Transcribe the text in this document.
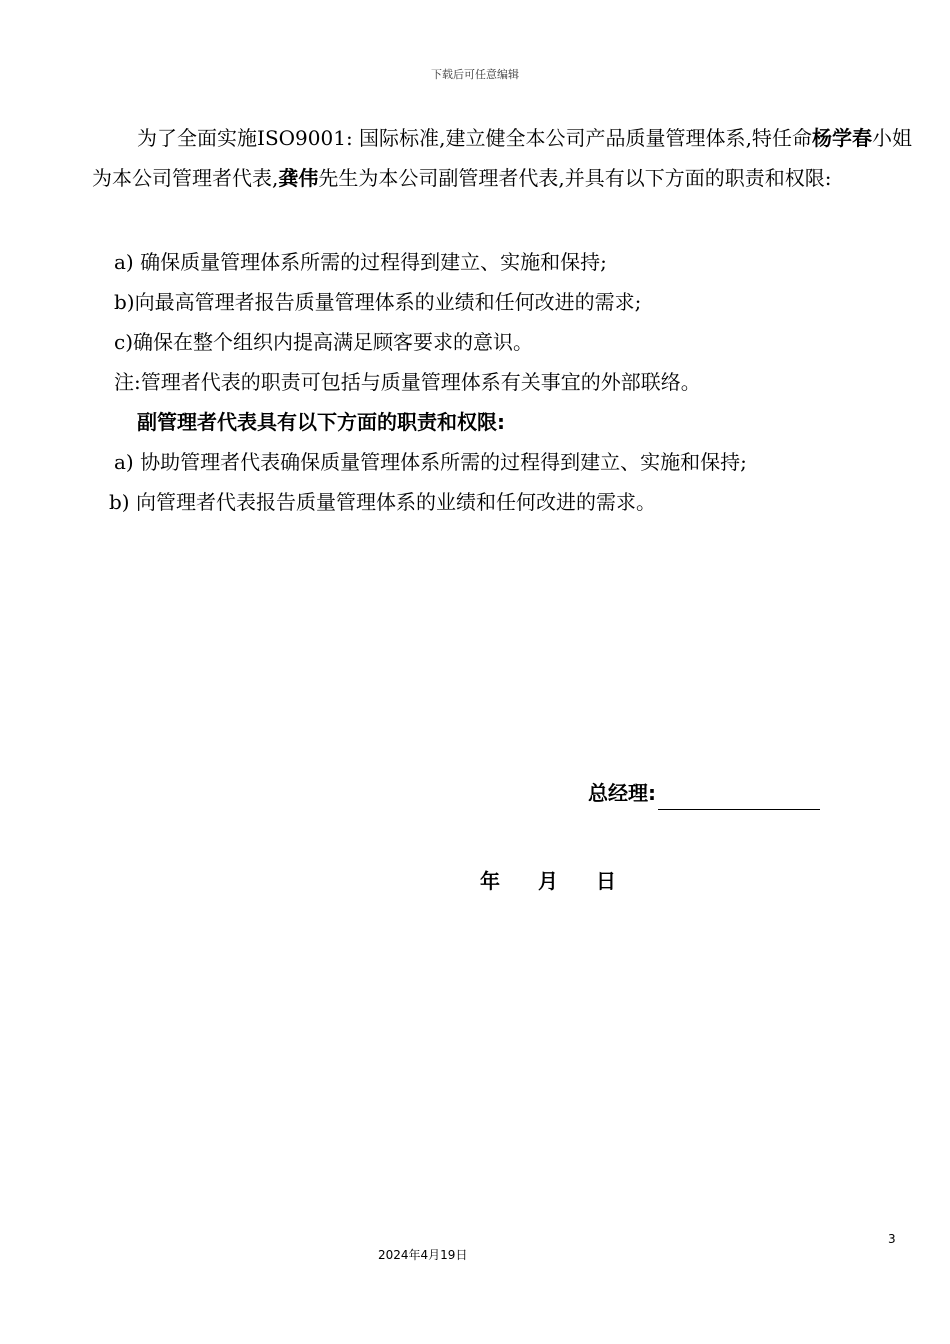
下载后可任意编辑
为了全面实施ISO9001: 国际标准,建立健全本公司产品质量管理体系,特任命杨学春小姐为本公司管理者代表,龚伟先生为本公司副管理者代表,并具有以下方面的职责和权限:
a) 确保质量管理体系所需的过程得到建立、实施和保持;
b)向最高管理者报告质量管理体系的业绩和任何改进的需求;
c)确保在整个组织内提高满足顾客要求的意识。
注:管理者代表的职责可包括与质量管理体系有关事宜的外部联络。
副管理者代表具有以下方面的职责和权限:
a) 协助管理者代表确保质量管理体系所需的过程得到建立、实施和保持;
b) 向管理者代表报告质量管理体系的业绩和任何改进的需求。
总经理:
年 月 日
3
2024年4月19日
